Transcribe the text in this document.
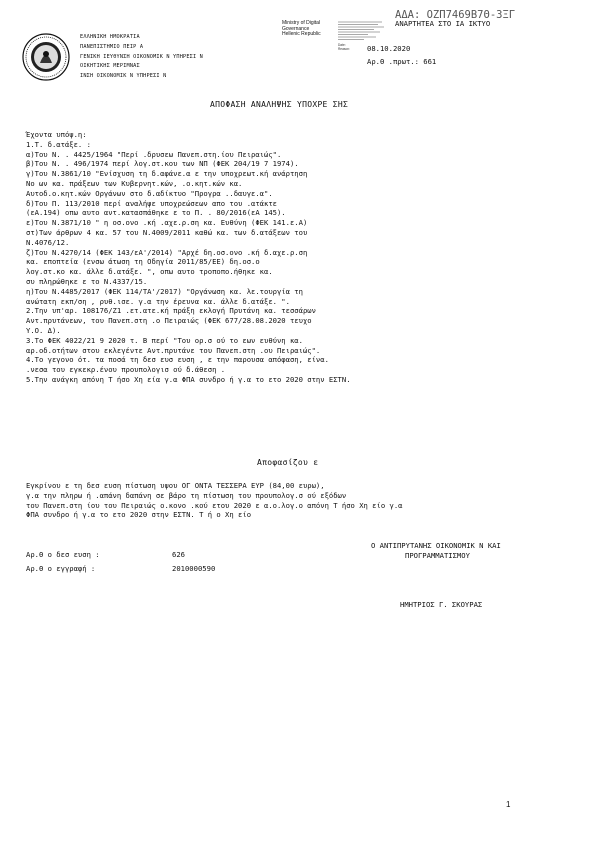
ΑΔΑ: ΟΖΠ7469Β7Θ-3ΞΓ
ΑΝΑΡΤΗΤΕΑ ΣΤΟ ΙΑ ΙΚΤΥΟ
ΕΛΛΗΝΙΚΗ ΗΜΟΚΡΑΤΙΑ
ΠΑΝΕΠΙΣΤΗΜΙΟ ΠΕΙΡ Α
ΓΕΝΙΚΗ ΙΕΥΘΥΝΣΗ ΟΙΚΟΝΟΜΙΚ Ν ΥΠΗΡΕΣΙ Ν
ΟΙΚΗΤΙΚΗΣ ΜΕΡΙΜΝΑΣ
ΙΝΣΗ ΟΙΚΟΝΟΜΙΚ Ν ΥΠΗΡΕΣΙ Ν
Ministry of Digital
Governance
Hellenic Republic
Date:
Reason: 08.10.2020
Αρ.Θ .πρωτ.: 661
ΑΠΟΦΑΣΗ ΑΝΑΛΗΨΗΣ ΥΠΟΧΡΕ ΣΗΣ
Έχοντα υπόψ.η:
1.Τ. δ.ατάξε. :
α)Του Ν. . 4425/1964 "Περί .δρυσεω Πανεπ.στη.ίου Πειραιώς".
β)Του Ν. . 496/1974 περί λογ.στ.κου των ΝΠ (ΦΕΚ 204/19 7 1974).
γ)Του Ν.3861/10 "Ενίσχυση τη δ.αφάνε.α ε την υποχρεωτ.κή ανάρτηση
Νο ων κα. πράξεων των Κυβερνητ.κών, .ο.κητ.κών κα.
Αυτοδ.ο.κητ.κών Οργάνων στο δ.αδίκτυο "Προγρα ..δαυγε.α".
δ)Του Π. 113/2010 περί αναλήψε υποχρεώσεων απο του .ατάκτε
(εΑ.194) οπω αυτο αντ.κατασπάθηκε ε το Π. . 80/2016(εΑ 145).
ε)Του Ν.3871/10 " η οσ.ονο .κή .αχε.ρ.ση κα. Ευθύνη (ΦΕΚ 141.ε.Α)
στ)Των άρθρων 4 κα. 57 του Ν.4009/2011 καθώ κα. των δ.ατάξεων του
Ν.4076/12.
ζ)Του Ν.4270/14 (ΦΕΚ 143/εΑ'/2014) "Αρχέ δη.οσ.ονο .κή δ.αχε.ρ.ση
κα. εποπτεία (ενσω άτωση τη Οδηγία 2011/85/ΕΕ) δη.οσ.ο
λογ.στ.κο κα. άλλε δ.ατάξε. ", οπω αυτο τροποπο.ήθηκε κα.
συ πληρώθηκε ε το Ν.4337/15.
η)Του Ν.4485/2017 (ΦΕΚ 114/ΤΑ'/2017) "Οργάνωση κα. λε.τουργία τη
ανώτατη εκπ/ση , ρυθ.ισε. γ.α την έρευνα κα. άλλε δ.ατάξε. ".
2.Την υπ'αρ. 108176/Ζ1 .ετ.ατε.κή πράξη εκλογή Πρυτάνη κα. τεσσάρων
Αντ.πρυτάνεων, του Πανεπ.στη .ο Πειραιώς (ΦΕΚ 677/28.08.2020 τευχο
Υ.Ο. Δ).
3.Το ΦΕΚ 4022/21 9 2020 τ. Β περί "Του ορ.σ ού το εων ευθύνη κα.
αρ.οδ.οτήτων στου εκλεγέντε Αντ.πρυτάνε του Πανεπ.στη .ου Πειραιώς".
4.Το γεγονο ότ. τα ποσά τη δεσ ευσ ευση , ε την παρουσα απόφαση, είνα.
.νεσα του εγκεκρ.ένου προυπολογισ ού δ.άθεση .
5.Την ανάγκη απόνη Τ ήσο Χη εία γ.α ΦΠΑ συνδρο ή γ.α το ετο 2020 στην ΕΣΤΝ.
Αποφασίζου ε
Εγκρίνου ε τη δεσ ευση πίστωση υψου ΟΓ ΟΝΤΑ ΤΕΣΣΕΡΑ ΕΥΡ (84,00 ευρω),
γ.α την πληρω ή .απάνη δαπάνη σε βάρο τη πίστωση του προυπολογ.σ ού εξόδων
του Πανεπ.στη ίου του Πειραιώς ο.κονο .κού ετου 2020 ε α.ο.λογ.ο απόνη Τ ήσο Χη είο γ.α
ΦΠΑ συνδρο ή γ.α το ετο 2020 στην ΕΣΤΝ. Τ ή ο Χη είο
Αρ.Θ ο δεσ ευση :	626
Αρ.Θ ο εγγραφή :	2010000590
Ο ΑΝΤΙΠΡΥΤΑΝΗΣ ΟΙΚΟΝΟΜΙΚ Ν ΚΑΙ
ΠΡΟΓΡΑΜΜΑΤΙΣΜΟΥ
ΗΜΗΤΡΙΟΣ Γ. ΣΚΟΥΡΑΣ
1
